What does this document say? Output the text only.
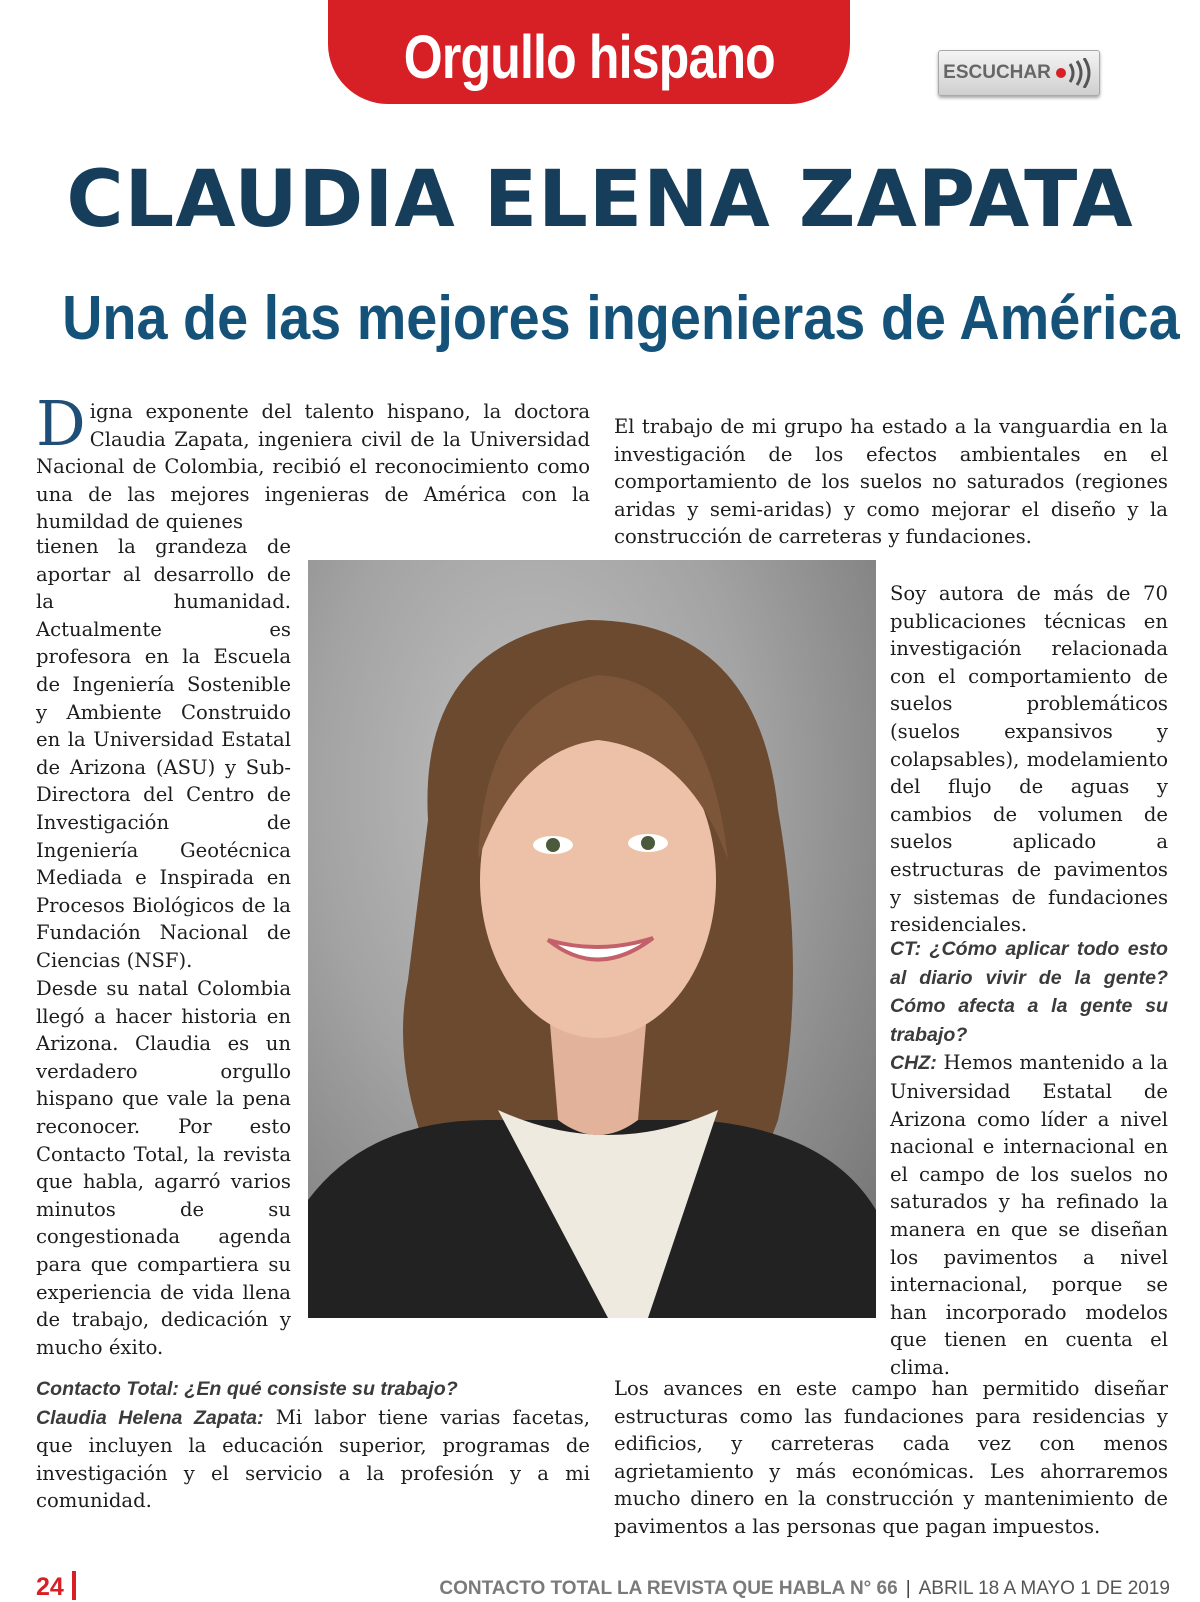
Orgullo hispano	ESCUCHAR
CLAUDIA ELENA ZAPATA
Una de las mejores ingenieras de América

Digna exponente del talento hispano, la doctora Claudia Zapata, ingeniera civil de la Universidad Nacional de Colombia, recibió el reconocimiento como una de las mejores ingenieras de América con la humildad de quienes

tienen la grandeza de aportar al desarrollo de la humanidad. Actualmente es profesora en la Escuela de Ingeniería Sostenible y Ambiente Construido en la Universidad Estatal de Arizona (ASU) y Sub-Directora del Centro de Investigación de Ingeniería Geotécnica Mediada e Inspirada en Procesos Biológicos de la Fundación Nacional de Ciencias (NSF).

Desde su natal Colombia llegó a hacer historia en Arizona. Claudia es un verdadero orgullo hispano que vale la pena reconocer. Por esto Contacto Total, la revista que habla, agarró varios minutos de su congestionada agenda para que compartiera su experiencia de vida llena de trabajo, dedicación y mucho éxito.

Contacto Total: ¿En qué consiste su trabajo?
Claudia Helena Zapata: Mi labor tiene varias facetas, que incluyen la educación superior, programas de investigación y el servicio a la profesión y a mi comunidad.

El trabajo de mi grupo ha estado a la vanguardia en la investigación de los efectos ambientales en el comportamiento de los suelos no saturados (regiones aridas y semi-aridas) y como mejorar el diseño y la construcción de carreteras y fundaciones.

Soy autora de más de 70 publicaciones técnicas en investigación relacionada con el comportamiento de suelos problemáticos (suelos expansivos y colapsables), modelamiento del flujo de aguas y cambios de volumen de suelos aplicado a estructuras de pavimentos y sistemas de fundaciones residenciales.

CT: ¿Cómo aplicar todo esto al diario vivir de la gente? Cómo afecta a la gente su trabajo?
CHZ: Hemos mantenido a la Universidad Estatal de Arizona como líder a nivel nacional e internacional en el campo de los suelos no saturados y ha refinado la manera en que se diseñan los pavimentos a nivel internacional, porque se han incorporado modelos que tienen en cuenta el clima.

Los avances en este campo han permitido diseñar estructuras como las fundaciones para residencias y edificios, y carreteras cada vez con menos agrietamiento y más económicas. Les ahorraremos mucho dinero en la construcción y mantenimiento de pavimentos a las personas que pagan impuestos.

24	CONTACTO TOTAL LA REVISTA QUE HABLA N° 66 | ABRIL 18 A MAYO 1 DE 2019
